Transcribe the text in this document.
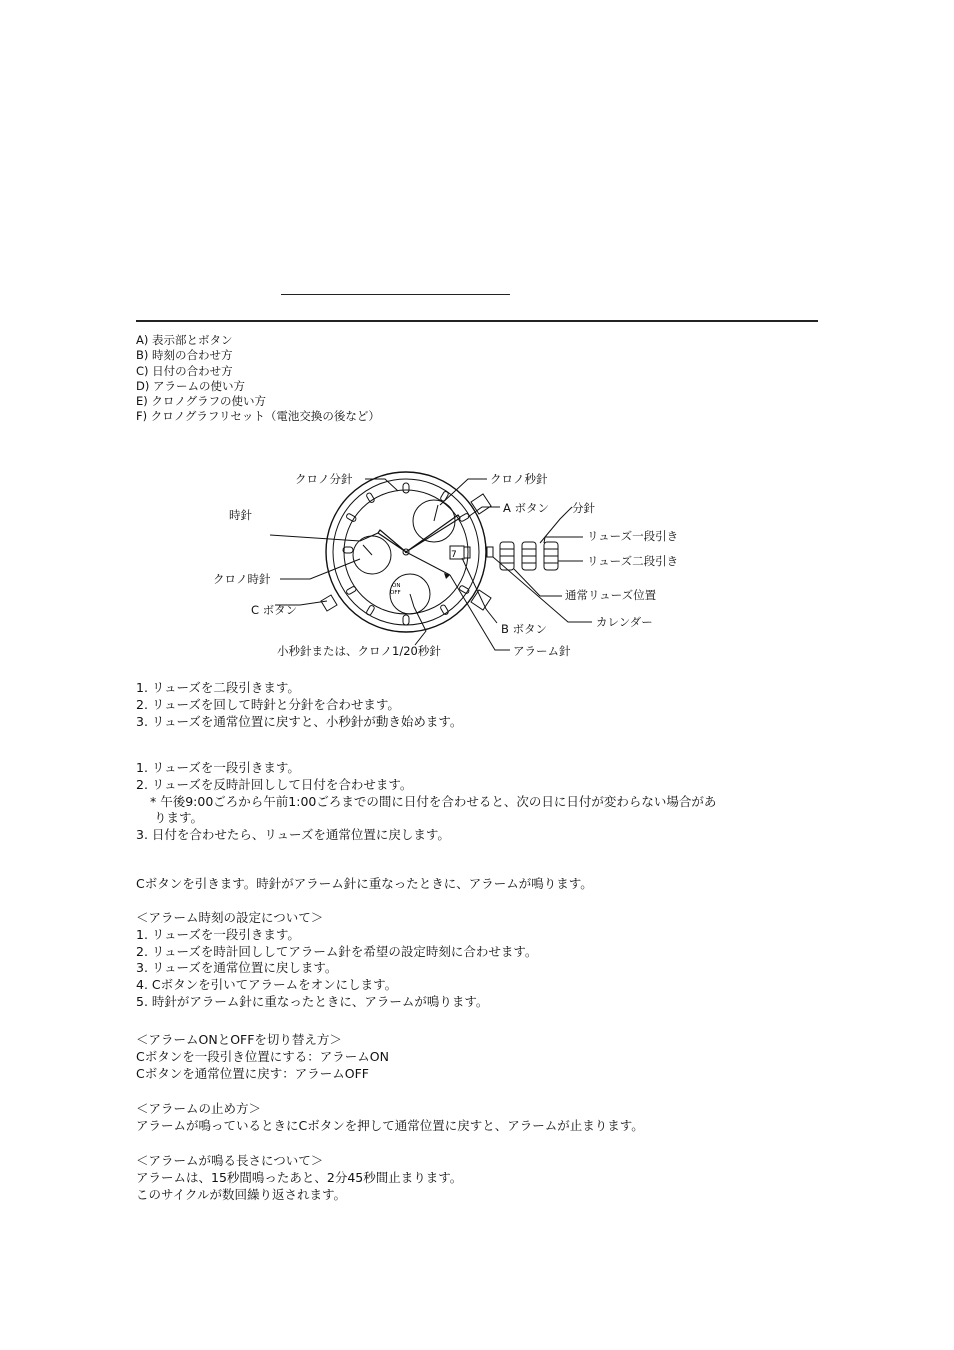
A) 表示部とボタン
B) 時刻の合わせ方
C) 日付の合わせ方
D) アラームの使い方
E) クロノグラフの使い方
F) クロノグラフリセット（電池交換の後など）
7
ON
OFF
クロノ分針	クロノ秒針
時針	A ボタン 分針
リューズ一段引き
リューズ二段引き
クロノ時針
通常リューズ位置
C ボタン
カレンダー
B ボタン
小秒針または、クロノ1/20秒針	アラーム針
1. リューズを二段引きます。
2. リューズを回して時針と分針を合わせます。
3. リューズを通常位置に戻すと、小秒針が動き始めます。
1. リューズを一段引きます。
2. リューズを反時計回しして日付を合わせます。
* 午後9:00ごろから午前1:00ごろまでの間に日付を合わせると、次の日に日付が変わらない場合があ
ります。
3. 日付を合わせたら、リューズを通常位置に戻します。
Cボタンを引きます。時針がアラーム針に重なったときに、アラームが鳴ります。
＜アラーム時刻の設定について＞
1. リューズを一段引きます。
2. リューズを時計回ししてアラーム針を希望の設定時刻に合わせます。
3. リューズを通常位置に戻します。
4. Cボタンを引いてアラームをオンにします。
5. 時針がアラーム針に重なったときに、アラームが鳴ります。
＜アラームONとOFFを切り替え方＞
Cボタンを一段引き位置にする：アラームON
Cボタンを通常位置に戻す：アラームOFF
＜アラームの止め方＞
アラームが鳴っているときにCボタンを押して通常位置に戻すと、アラームが止まります。
＜アラームが鳴る長さについて＞
アラームは、15秒間鳴ったあと、2分45秒間止まります。
このサイクルが数回繰り返されます。
